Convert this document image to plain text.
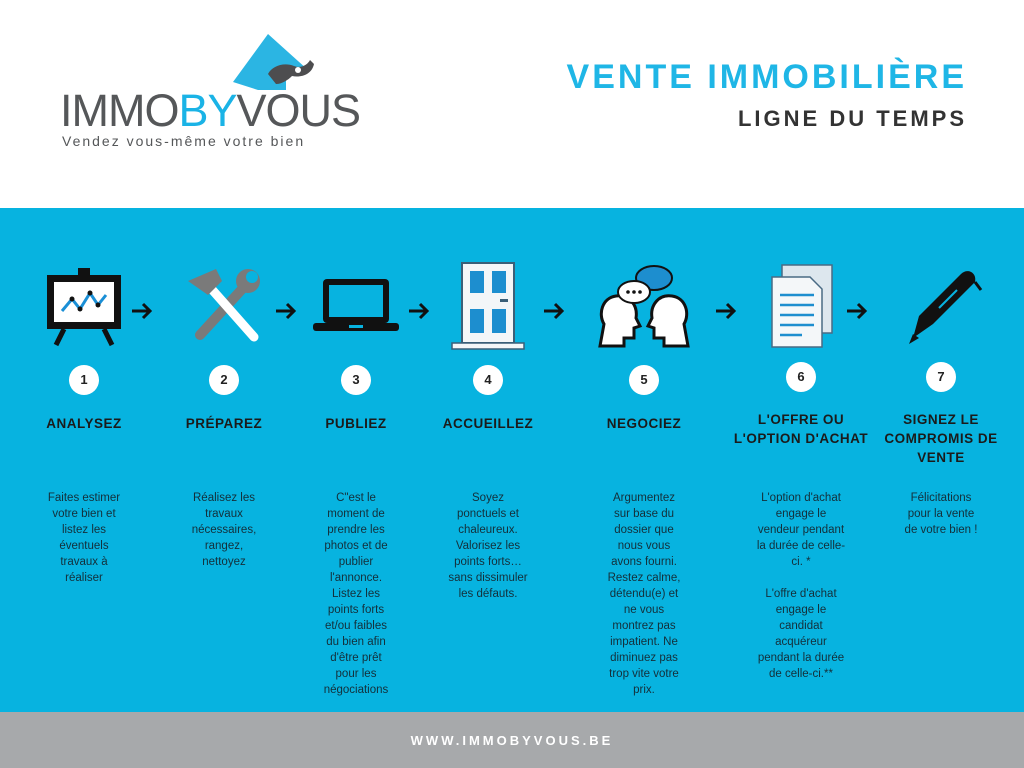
IMMOBYVOUS
Vendez vous-même votre bien
VENTE IMMOBILIÈRE
LIGNE DU TEMPS
1
ANALYSEZ
Faites estimer
votre bien et
listez les
éventuels
travaux à
réaliser
2
PRÉPAREZ
Réalisez les
travaux
nécessaires,
rangez,
nettoyez
3
PUBLIEZ
C"est le
moment de
prendre les
photos et de
publier
l'annonce.
Listez les
points forts
et/ou faibles
du bien afin
d'être prêt
pour les
négociations
4
ACCUEILLEZ
Soyez
ponctuels et
chaleureux.
Valorisez les
points forts…
sans dissimuler
les défauts.
5
NEGOCIEZ
Argumentez
sur base du
dossier que
nous vous
avons fourni.
Restez calme,
détendu(e) et
ne vous
montrez pas
impatient. Ne
diminuez pas
trop vite votre
prix.
6
L'OFFRE OU L'OPTION D'ACHAT
L'option d'achat
engage le
vendeur pendant
la durée de celle-
ci. *

L'offre d'achat
engage le
candidat
acquéreur
pendant la durée
de celle-ci.**
7
SIGNEZ LE COMPROMIS DE VENTE
Félicitations
pour la vente
de votre bien !
WWW.IMMOBYVOUS.BE
